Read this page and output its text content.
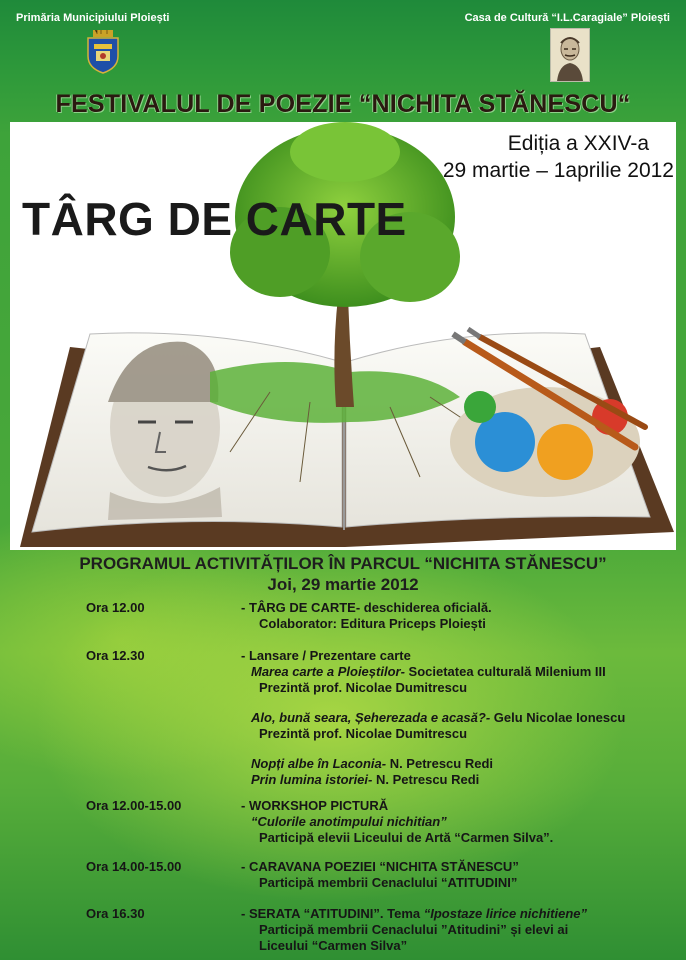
Primăria Municipiului Ploiești	Casa de Cultură “I.L.Caragiale” Ploiești
FESTIVALUL DE POEZIE “NICHITA STĂNESCU“
Ediția a XXIV-a
29 martie – 1aprilie 2012
TÂRG DE CARTE
PROGRAMUL ACTIVITĂȚILOR ÎN PARCUL “NICHITA STĂNESCU”
Joi, 29 martie 2012
Ora 12.00	- TÂRG DE CARTE- deschiderea oficială.
Colaborator: Editura Priceps Ploiești
Ora 12.30	- Lansare / Prezentare carte
Marea carte a Ploieștilor- Societatea culturală Milenium III
Prezintă prof. Nicolae Dumitrescu
Alo, bună seara, Șeherezada e acasă?- Gelu Nicolae Ionescu
Prezintă prof. Nicolae Dumitrescu
Nopți albe în Laconia- N. Petrescu Redi
Prin lumina istoriei- N. Petrescu Redi
Ora 12.00-15.00	- WORKSHOP PICTURĂ
“Culorile anotimpului nichitian”
Participă elevii Liceului de Artă “Carmen Silva”.
Ora 14.00-15.00	- CARAVANA POEZIEI “NICHITA STĂNESCU”
Participă membrii Cenaclului “ATITUDINI”
Ora 16.30	- SERATA “ATITUDINI”. Tema “Ipostaze lirice nichitiene”
Participă membrii Cenaclului ”Atitudini” și elevi ai
Liceului “Carmen Silva”
